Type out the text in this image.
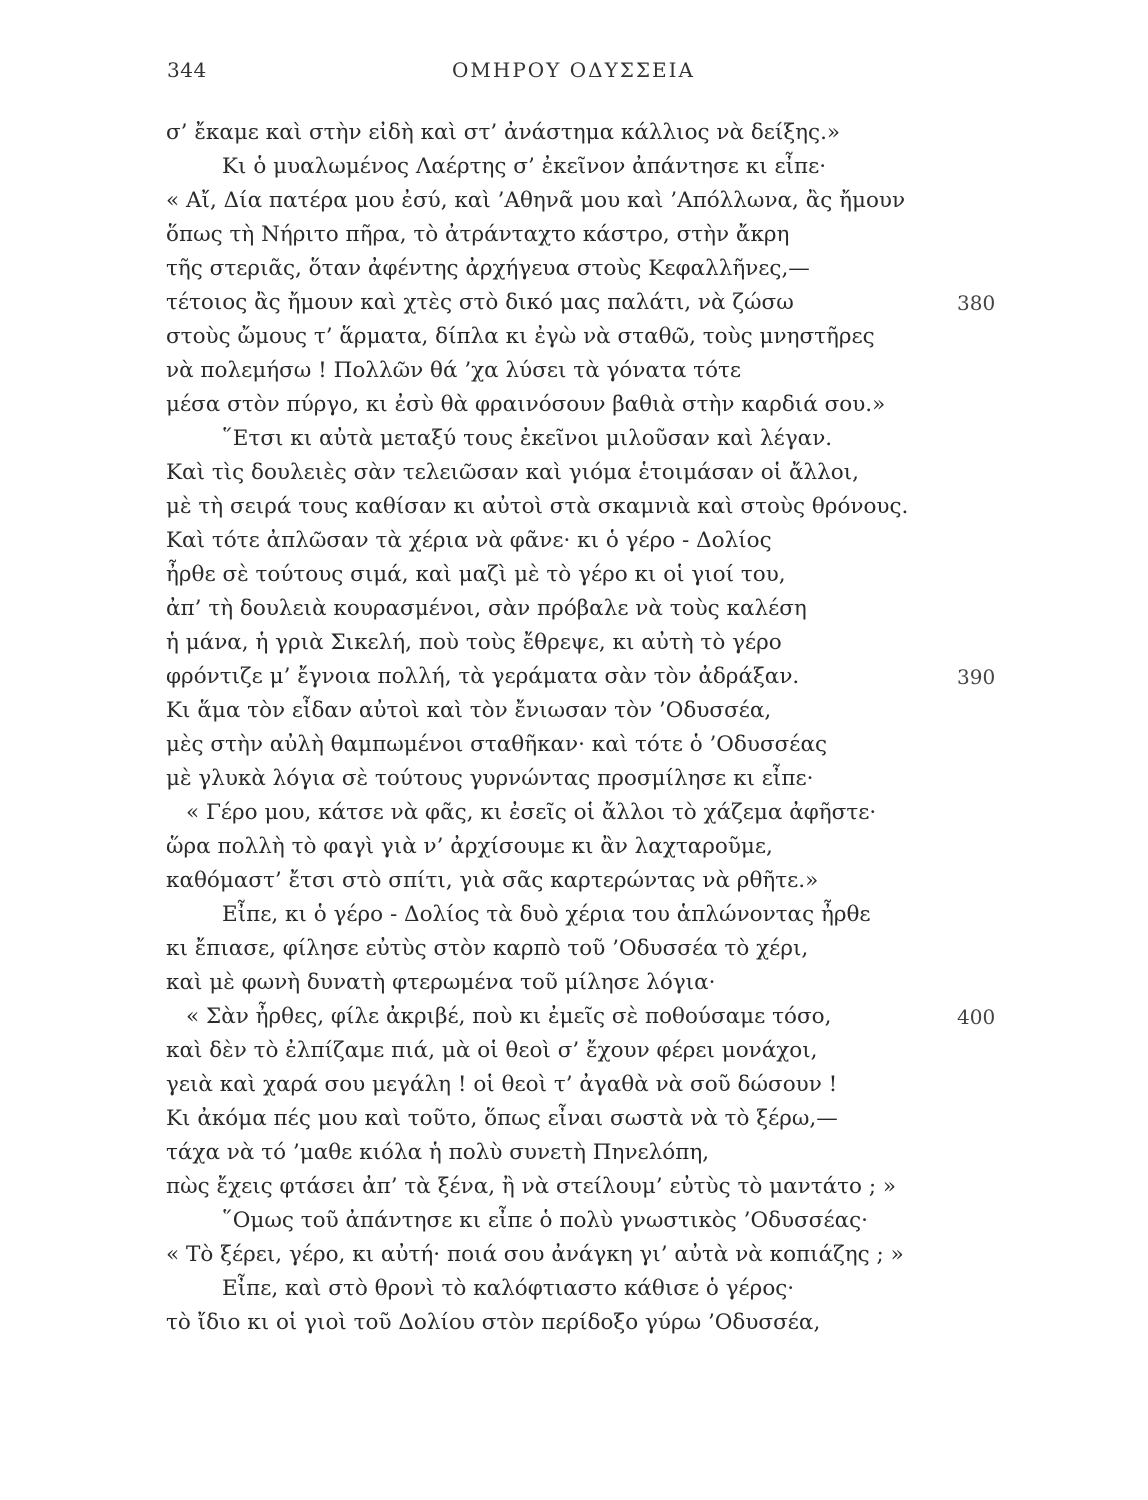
344	ΟΜΗΡΟΥ ΟΔΥΣΣΕΙΑ
σ’ ἔκαμε καὶ στὴν εἰδὴ καὶ στ’ ἀνάστημα κάλλιος νὰ δείξης.»
Κι ὁ μυαλωμένος Λαέρτης σ’ ἐκεῖνον ἀπάντησε κι εἶπε·
« Αἴ, Δία πατέρα μου ἐσύ, καὶ ’Αθηνᾶ μου καὶ ’Απόλλωνα, ἂς ἤμουν
ὅπως τὴ Νήριτο πῆρα, τὸ ἀτράνταχτο κάστρο, στὴν ἄκρη
τῆς στεριᾶς, ὅταν ἀφέντης ἀρχήγευα στοὺς Κεφαλλῆνες,—
τέτοιος ἂς ἤμουν καὶ χτὲς στὸ δικό μας παλάτι, νὰ ζώσω	380
στοὺς ὤμους τ’ ἅρματα, δίπλα κι ἐγὼ νὰ σταθῶ, τοὺς μνηστῆρες
νὰ πολεμήσω ! Πολλῶν θά ’χα λύσει τὰ γόνατα τότε
μέσα στὸν πύργο, κι ἐσὺ θὰ φραινόσουν βαθιὰ στὴν καρδιά σου.»
῞Ετσι κι αὐτὰ μεταξύ τους ἐκεῖνοι μιλοῦσαν καὶ λέγαν.
Καὶ τὶς δουλειὲς σὰν τελειῶσαν καὶ γιόμα ἑτοιμάσαν οἱ ἄλλοι,
μὲ τὴ σειρά τους καθίσαν κι αὐτοὶ στὰ σκαμνιὰ καὶ στοὺς θρόνους.
Καὶ τότε ἀπλῶσαν τὰ χέρια νὰ φᾶνε· κι ὁ γέρο - Δολίος
ἦρθε σὲ τούτους σιμά, καὶ μαζὶ μὲ τὸ γέρο κι οἱ γιοί του,
ἀπ’ τὴ δουλειὰ κουρασμένοι, σὰν πρόβαλε νὰ τοὺς καλέση
ἡ μάνα, ἡ γριὰ Σικελή, ποὺ τοὺς ἔθρεψε, κι αὐτὴ τὸ γέρο
φρόντιζε μ’ ἔγνοια πολλή, τὰ γεράματα σὰν τὸν ἀδράξαν.	390
Κι ἅμα τὸν εἶδαν αὐτοὶ καὶ τὸν ἔνιωσαν τὸν ’Οδυσσέα,
μὲς στὴν αὐλὴ θαμπωμένοι σταθῆκαν· καὶ τότε ὁ ’Οδυσσέας
μὲ γλυκὰ λόγια σὲ τούτους γυρνώντας προσμίλησε κι εἶπε·
« Γέρο μου, κάτσε νὰ φᾶς, κι ἐσεῖς οἱ ἄλλοι τὸ χάζεμα ἀφῆστε·
ὥρα πολλὴ τὸ φαγὶ γιὰ ν’ ἀρχίσουμε κι ἂν λαχταροῦμε,
καθόμαστ’ ἔτσι στὸ σπίτι, γιὰ σᾶς καρτερώντας νὰ ρθῆτε.»
Εἶπε, κι ὁ γέρο - Δολίος τὰ δυὸ χέρια του ἁπλώνοντας ἦρθε
κι ἔπιασε, φίλησε εὐτὺς στὸν καρπὸ τοῦ ’Οδυσσέα τὸ χέρι,
καὶ μὲ φωνὴ δυνατὴ φτερωμένα τοῦ μίλησε λόγια·
« Σὰν ἦρθες, φίλε ἀκριβέ, ποὺ κι ἐμεῖς σὲ ποθούσαμε τόσο,	400
καὶ δὲν τὸ ἐλπίζαμε πιά, μὰ οἱ θεοὶ σ’ ἔχουν φέρει μονάχοι,
γειὰ καὶ χαρά σου μεγάλη ! οἱ θεοὶ τ’ ἀγαθὰ νὰ σοῦ δώσουν !
Κι ἀκόμα πές μου καὶ τοῦτο, ὅπως εἶναι σωστὰ νὰ τὸ ξέρω,—
τάχα νὰ τό ’μαθε κιόλα ἡ πολὺ συνετὴ Πηνελόπη,
πὼς ἔχεις φτάσει ἀπ’ τὰ ξένα, ἢ νὰ στείλουμ’ εὐτὺς τὸ μαντάτο ; »
῞Ομως τοῦ ἀπάντησε κι εἶπε ὁ πολὺ γνωστικὸς ’Οδυσσέας·
« Τὸ ξέρει, γέρο, κι αὐτή· ποιά σου ἀνάγκη γι’ αὐτὰ νὰ κοπιάζης ; »
Εἶπε, καὶ στὸ θρονὶ τὸ καλόφτιαστο κάθισε ὁ γέρος·
τὸ ἴδιο κι οἱ γιοὶ τοῦ Δολίου στὸν περίδοξο γύρω ’Οδυσσέα,
